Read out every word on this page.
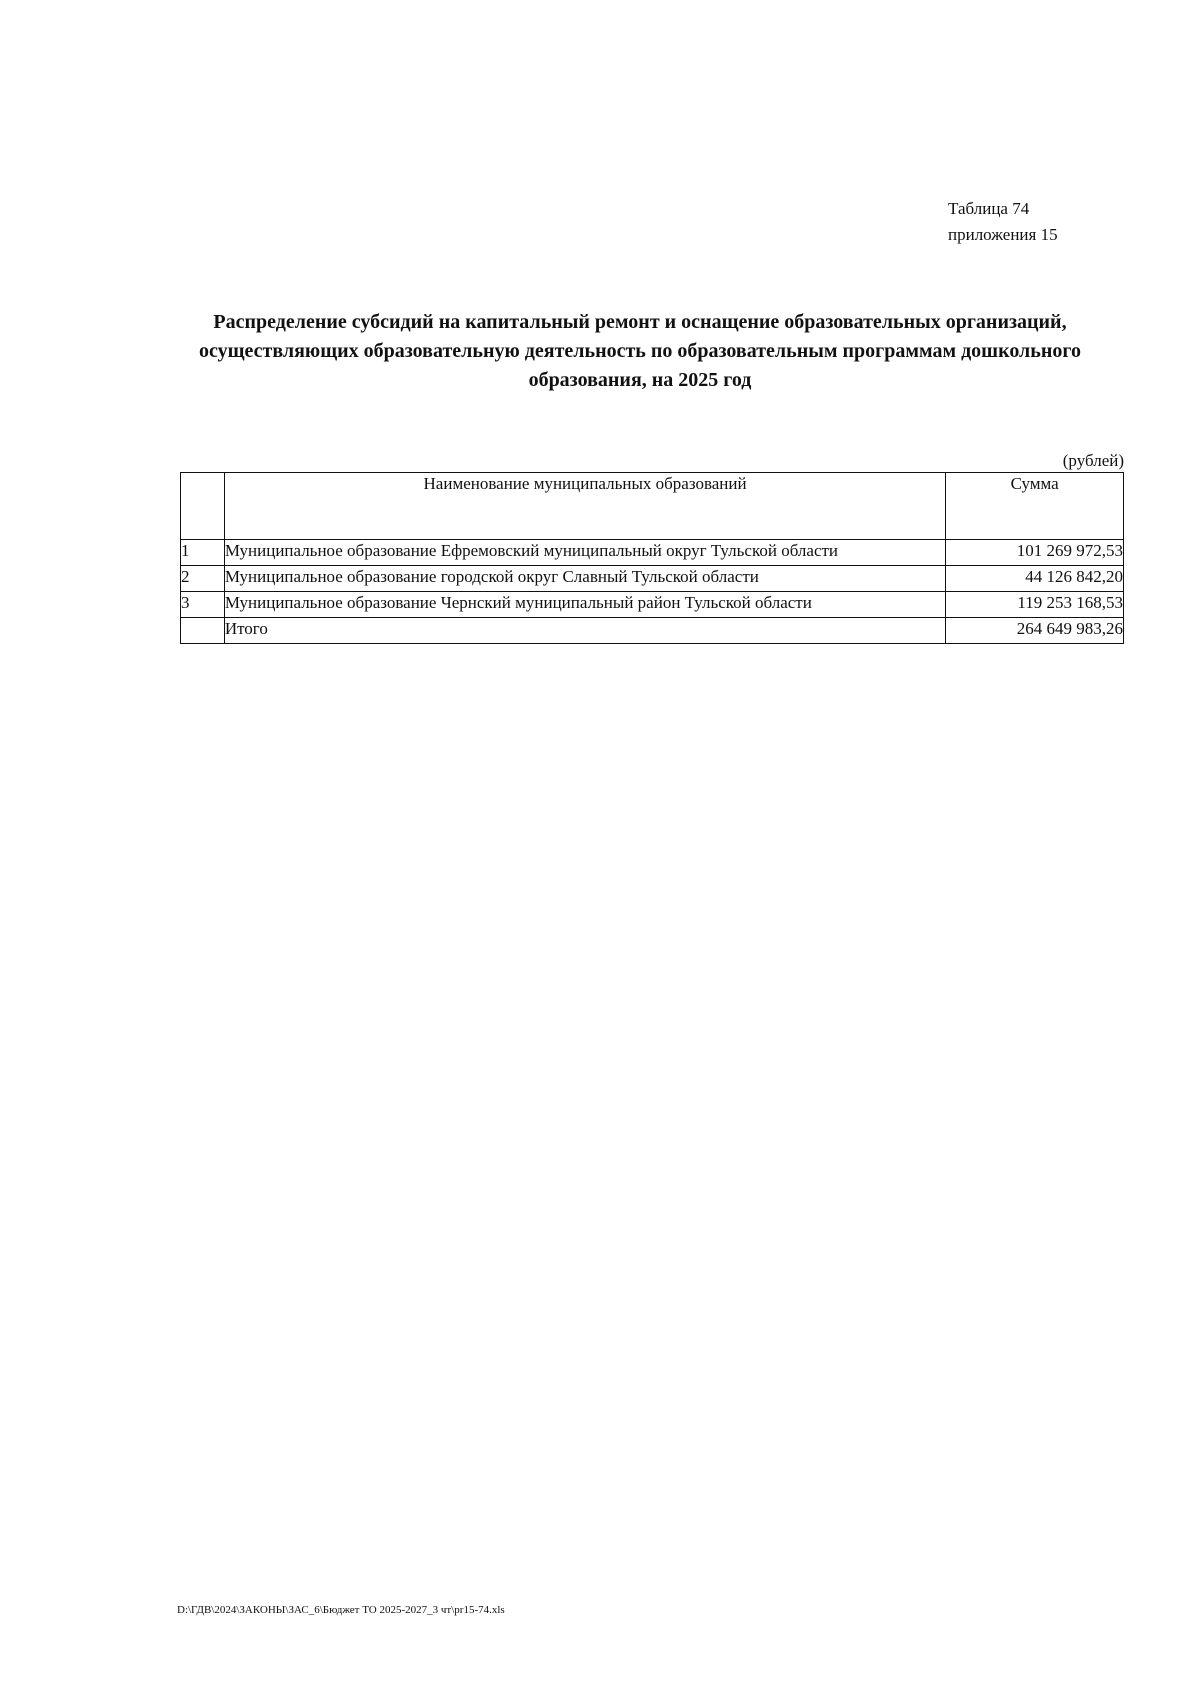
Таблица 74
приложения 15
Распределение субсидий на капитальный ремонт и оснащение образовательных организаций,
осуществляющих образовательную деятельность по образовательным программам дошкольного
образования, на 2025 год
(рублей)
	Наименование муниципальных образований	Сумма
1	Муниципальное образование Ефремовский муниципальный округ Тульской области	101 269 972,53
2	Муниципальное образование городской округ Славный Тульской области	44 126 842,20
3	Муниципальное образование Чернский муниципальный район Тульской области	119 253 168,53
	Итого	264 649 983,26
D:\ГДВ\2024\ЗАКОНЫ\ЗАС_6\Бюджет ТО 2025-2027_3 чт\pr15-74.xls
